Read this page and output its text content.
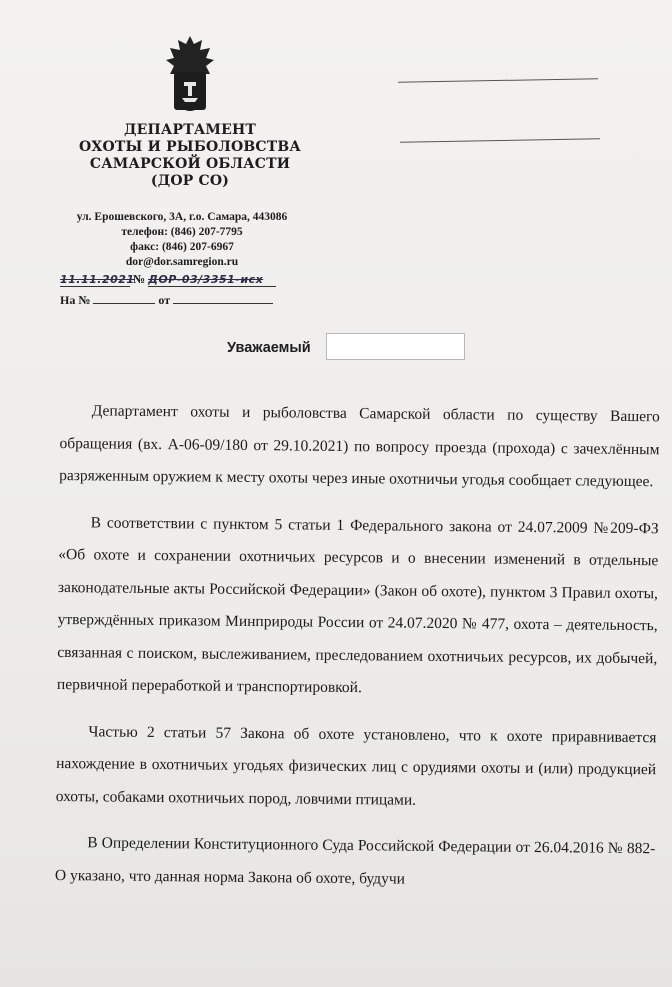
ДЕПАРТАМЕНТ
ОХОТЫ И РЫБОЛОВСТВА
САМАРСКОЙ ОБЛАСТИ
(ДОР СО)
ул. Ерошевского, 3А, г.о. Самара, 443086
телефон: (846) 207-7795
факс: (846) 207-6967
dor@dor.samregion.ru
11.11.2021 № ДОР-03/3351-исх
На №	от
Уважаемый

Департамент охоты и рыболовства Самарской области по существу Вашего обращения (вх. А-06-09/180 от 29.10.2021) по вопросу проезда (прохода) с зачехлённым разряженным оружием к месту охоты через иные охотничьи угодья сообщает следующее.

В соответствии с пунктом 5 статьи 1 Федерального закона от 24.07.2009 №209-ФЗ «Об охоте и сохранении охотничьих ресурсов и о внесении изменений в отдельные законодательные акты Российской Федерации» (Закон об охоте), пунктом 3 Правил охоты, утверждённых приказом Минприроды России от 24.07.2020 № 477, охота – деятельность, связанная с поиском, выслеживанием, преследованием охотничьих ресурсов, их добычей, первичной переработкой и транспортировкой.

Частью 2 статьи 57 Закона об охоте установлено, что к охоте приравнивается нахождение в охотничьих угодьях физических лиц с орудиями охоты и (или) продукцией охоты, собаками охотничьих пород, ловчими птицами.

В Определении Конституционного Суда Российской Федерации от 26.04.2016 № 882-О указано, что данная норма Закона об охоте, будучи
